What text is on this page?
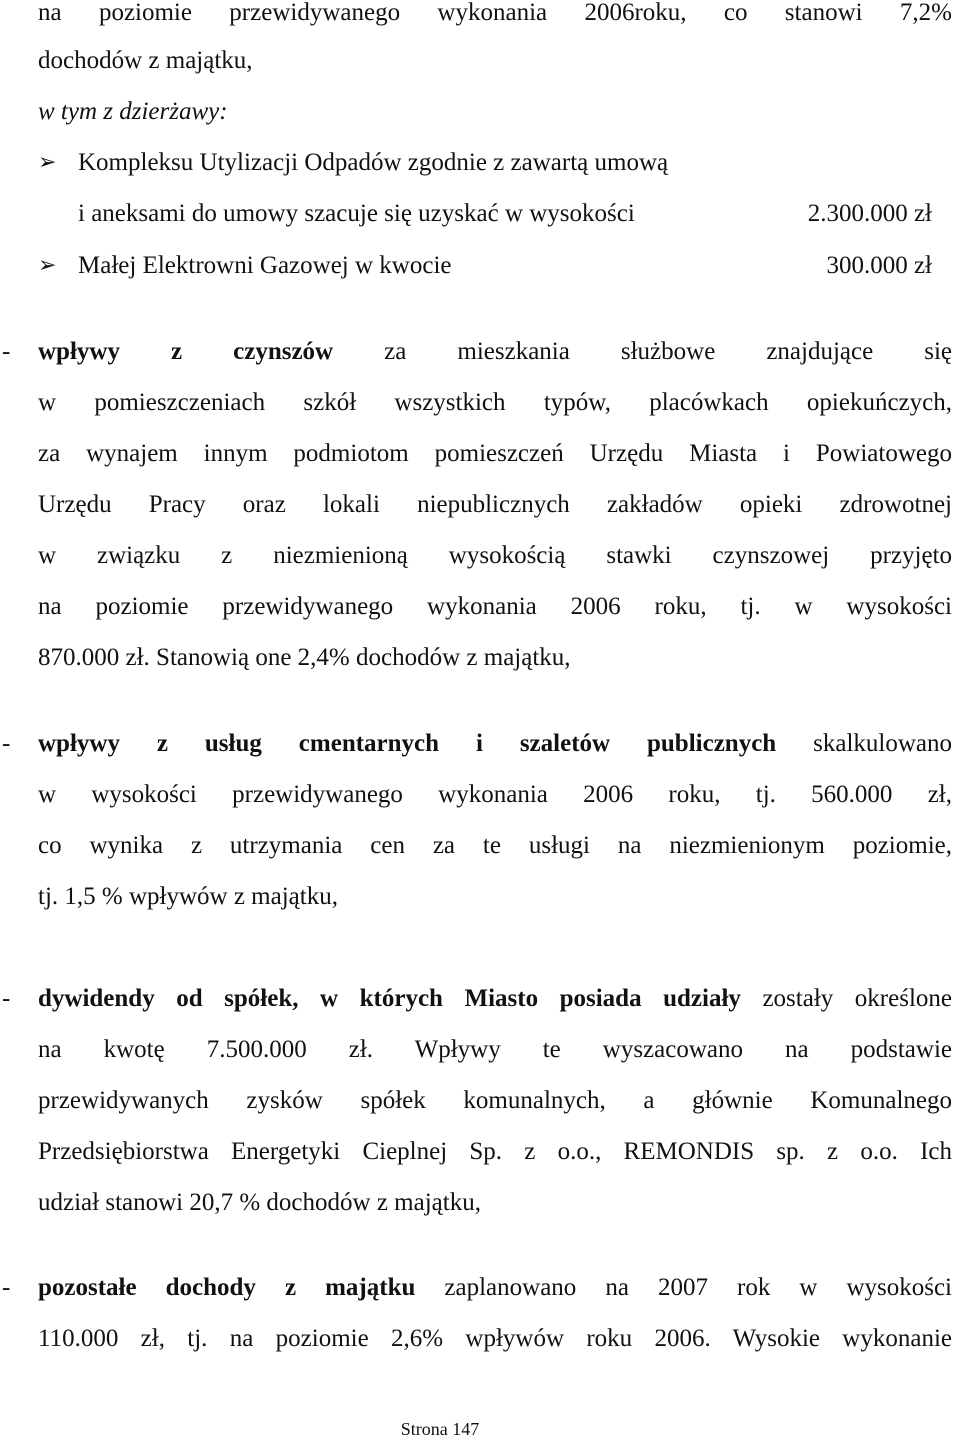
na poziomie przewidywanego wykonania 2006roku, co stanowi 7,2%
dochodów z majątku,
w tym z dzierżawy:
➢ Kompleksu Utylizacji Odpadów zgodnie z zawartą umową
i aneksami do umowy szacuje się uzyskać w wysokości	2.300.000 zł
➢ Małej Elektrowni Gazowej w kwocie	300.000 zł
-	wpływy z czynszów za mieszkania służbowe znajdujące się
w pomieszczeniach szkół wszystkich typów, placówkach opiekuńczych,
za wynajem innym podmiotom pomieszczeń Urzędu Miasta i Powiatowego
Urzędu Pracy oraz lokali niepublicznych zakładów opieki zdrowotnej
w związku z niezmienioną wysokością stawki czynszowej przyjęto
na poziomie przewidywanego wykonania 2006 roku, tj. w wysokości
870.000 zł. Stanowią one 2,4% dochodów z majątku,
-	wpływy z usług cmentarnych i szaletów publicznych skalkulowano
w wysokości przewidywanego wykonania 2006 roku, tj. 560.000 zł,
co wynika z utrzymania cen za te usługi na niezmienionym poziomie,
tj. 1,5 % wpływów z majątku,
-	dywidendy od spółek, w których Miasto posiada udziały zostały określone
na kwotę 7.500.000 zł. Wpływy te wyszacowano na podstawie
przewidywanych zysków spółek komunalnych, a głównie Komunalnego
Przedsiębiorstwa Energetyki Cieplnej Sp. z o.o., REMONDIS sp. z o.o. Ich
udział stanowi 20,7 % dochodów z majątku,
-	pozostałe dochody z majątku zaplanowano na 2007 rok w wysokości
110.000 zł, tj. na poziomie 2,6% wpływów roku 2006. Wysokie wykonanie
Strona 147
